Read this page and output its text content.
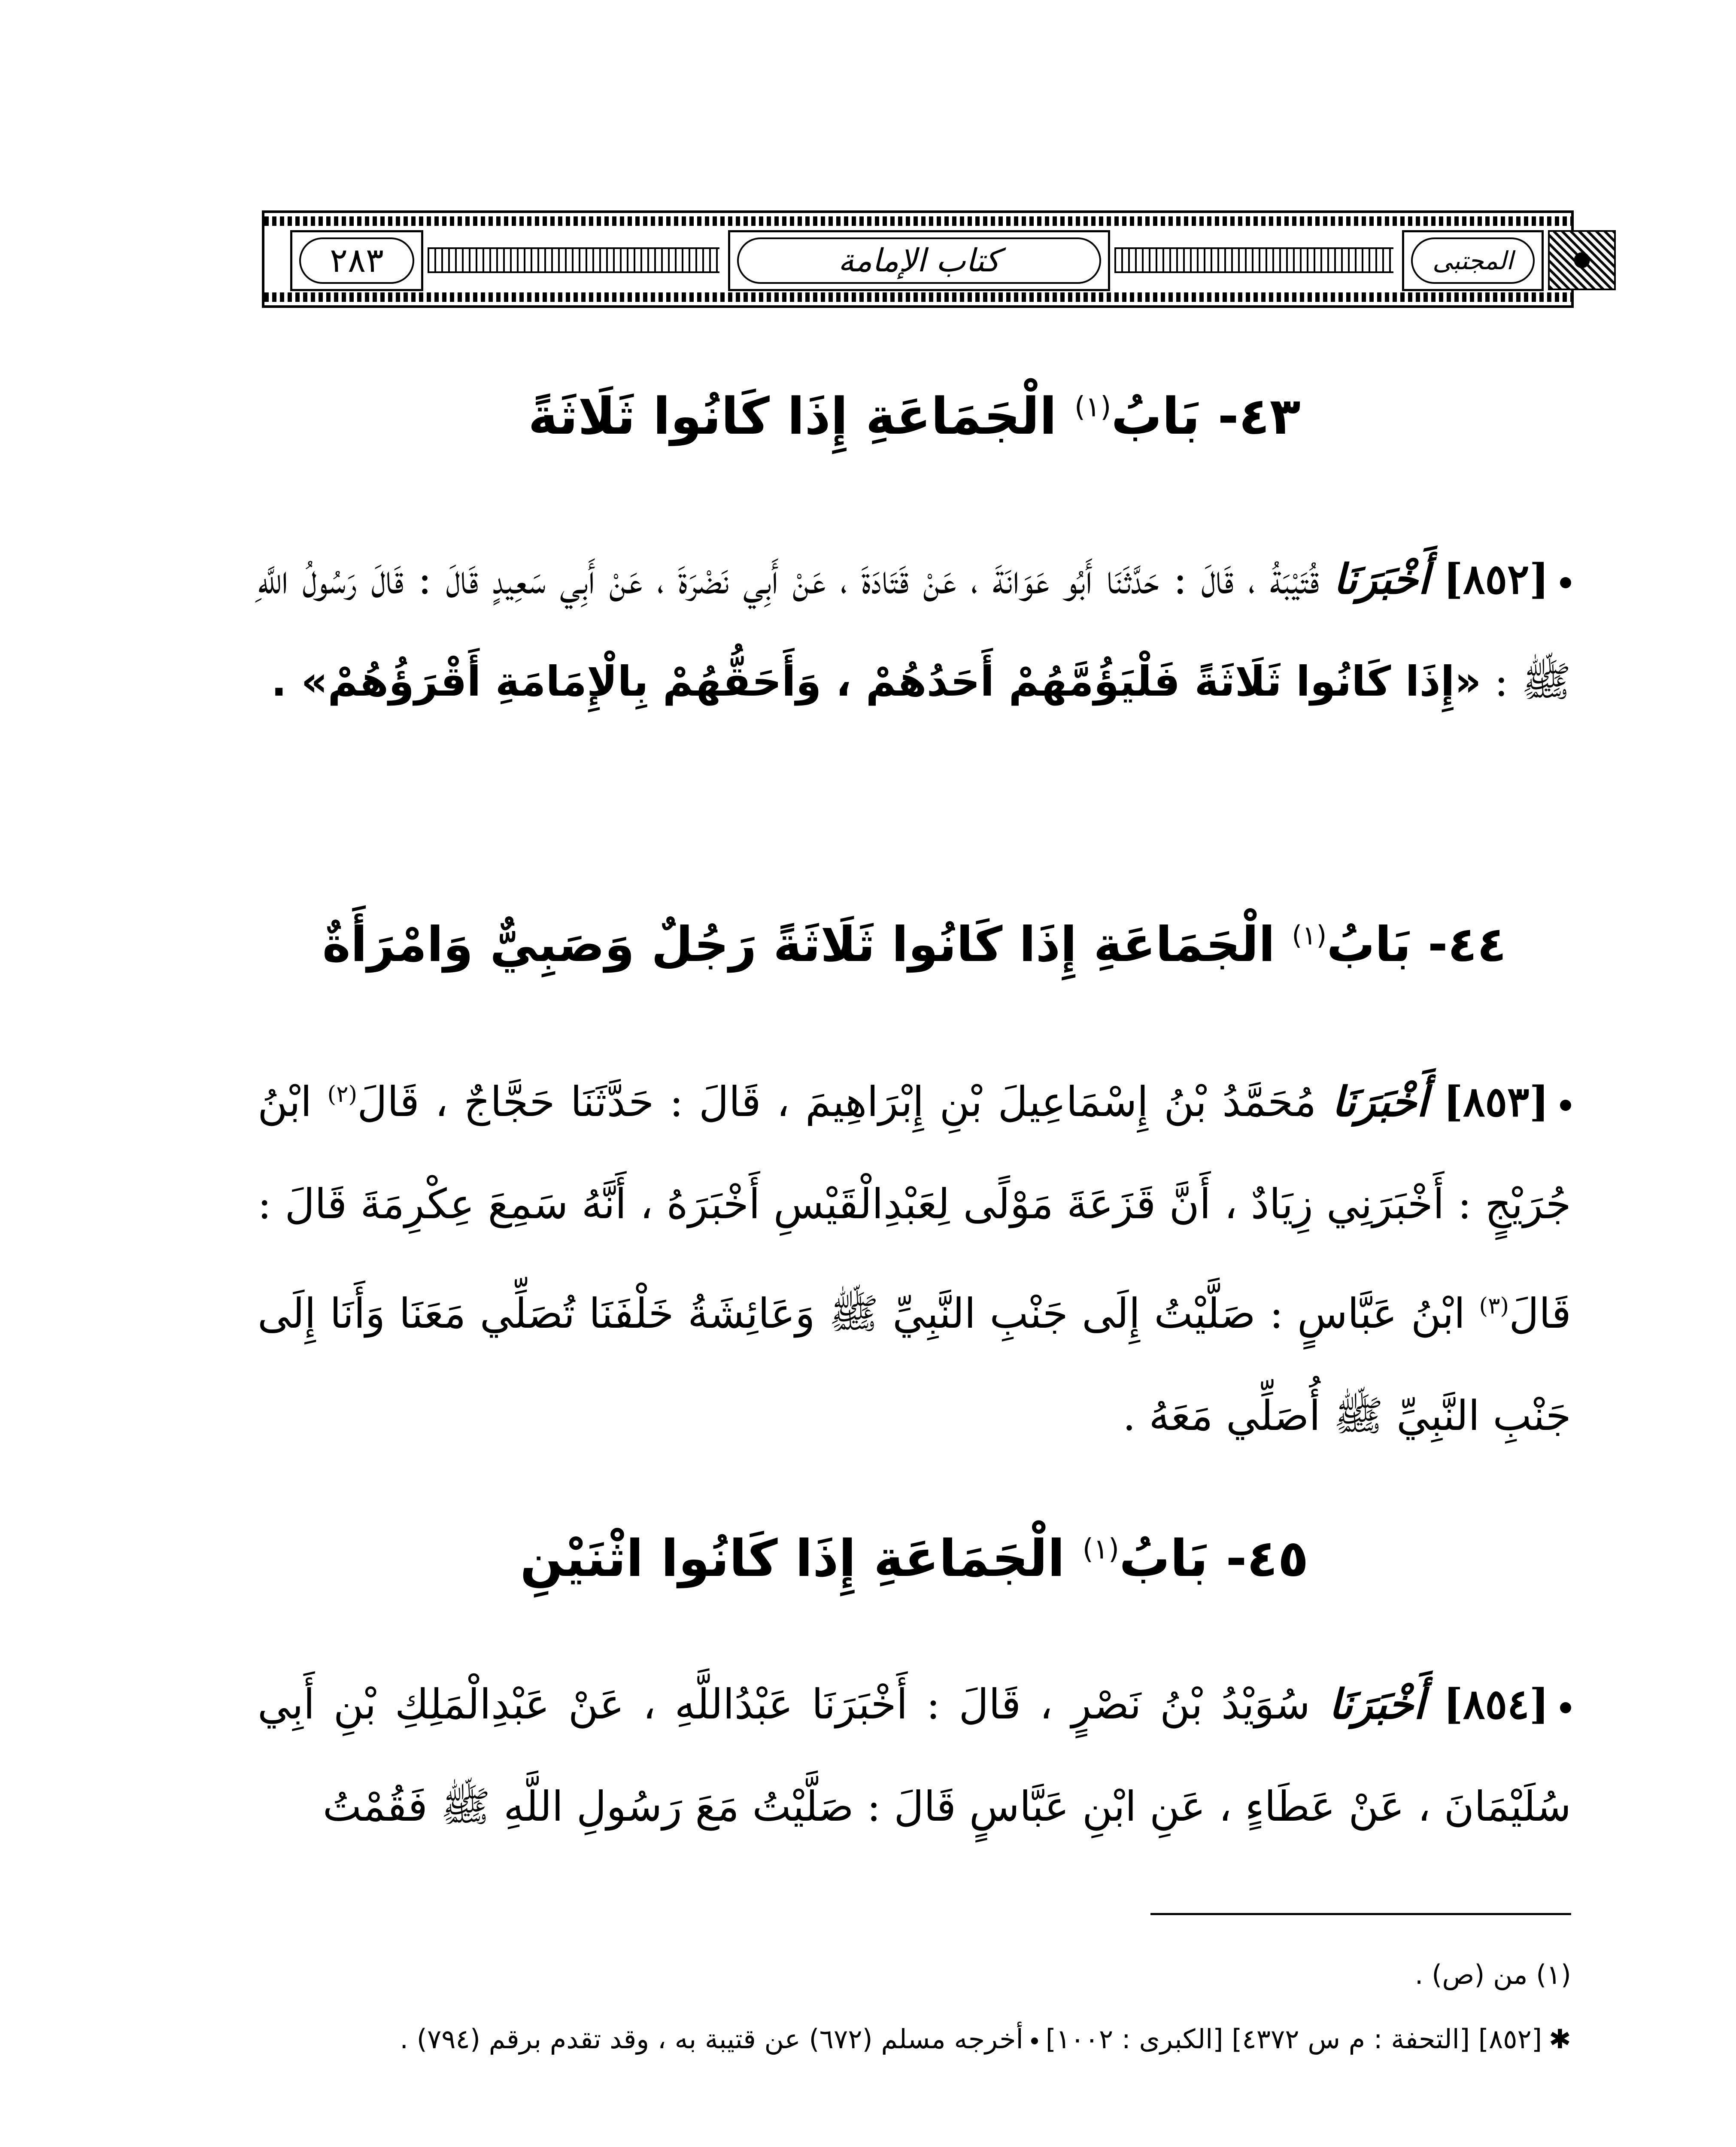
٢٨٣	كتاب الإمامة	المجتبى
٤٣- بَابُ$^{(١)}$ الْجَمَاعَةِ إِذَا كَانُوا ثَلَاثَةً
[٨٥٢] أَخْبَرَنَا قُتَيْبَةُ ، قَالَ : حَدَّثَنَا أَبُو عَوَانَةَ ، عَنْ قَتَادَةَ ، عَنْ أَبِي نَضْرَةَ ، عَنْ أَبِي سَعِيدٍ قَالَ : قَالَ رَسُولُ اللَّهِ ﷺ : «إِذَا كَانُوا ثَلَاثَةً فَلْيَؤُمَّهُمْ أَحَدُهُمْ ، وَأَحَقُّهُمْ بِالْإِمَامَةِ أَقْرَؤُهُمْ» .
٤٤- بَابُ$^{(١)}$ الْجَمَاعَةِ إِذَا كَانُوا ثَلَاثَةً رَجُلٌ وَصَبِيٌّ وَامْرَأَةٌ
[٨٥٣] أَخْبَرَنَا مُحَمَّدُ بْنُ إِسْمَاعِيلَ بْنِ إِبْرَاهِيمَ ، قَالَ : حَدَّثَنَا حَجَّاجٌ ، قَالَ$^{(٢)}$ ابْنُ جُرَيْجٍ : أَخْبَرَنِي زِيَادٌ ، أَنَّ قَزَعَةَ مَوْلًى لِعَبْدِالْقَيْسِ أَخْبَرَهُ ، أَنَّهُ سَمِعَ عِكْرِمَةَ قَالَ : قَالَ$^{(٣)}$ ابْنُ عَبَّاسٍ : صَلَّيْتُ إِلَى جَنْبِ النَّبِيِّ ﷺ وَعَائِشَةُ خَلْفَنَا تُصَلِّي مَعَنَا وَأَنَا إِلَى جَنْبِ النَّبِيِّ ﷺ أُصَلِّي مَعَهُ .
٤٥- بَابُ$^{(١)}$ الْجَمَاعَةِ إِذَا كَانُوا اثْنَيْنِ
[٨٥٤] أَخْبَرَنَا سُوَيْدُ بْنُ نَصْرٍ ، قَالَ : أَخْبَرَنَا عَبْدُاللَّهِ ، عَنْ عَبْدِالْمَلِكِ بْنِ أَبِي سُلَيْمَانَ ، عَنْ عَطَاءٍ ، عَنِ ابْنِ عَبَّاسٍ قَالَ : صَلَّيْتُ مَعَ رَسُولِ اللَّهِ ﷺ فَقُمْتُ
(١) من (ص) .
✱[٨٥٢] [التحفة : م س ٤٣٧٢] [الكبرى : ١٠٠٢]أخرجه مسلم (٦٧٢) عن قتيبة به ، وقد تقدم برقم (٧٩٤) .
